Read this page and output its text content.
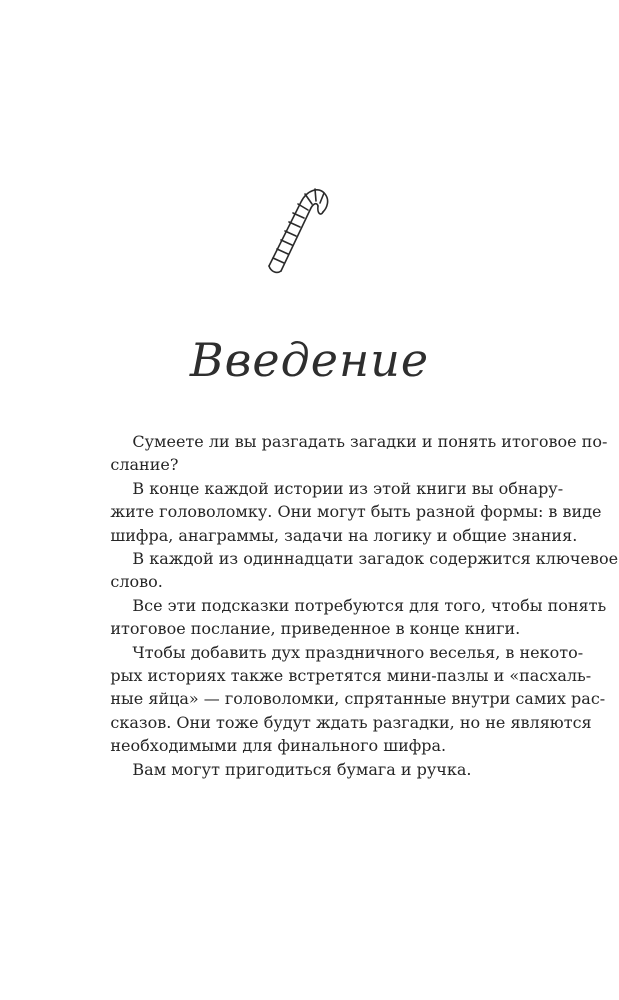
Введение

Сумеете ли вы разгадать загадки и понять итоговое по-
слание?

В конце каждой истории из этой книги вы обнару-
жите головоломку. Они могут быть разной формы: в виде
шифра, анаграммы, задачи на логику и общие знания.

В каждой из одиннадцати загадок содержится ключевое
слово.

Все эти подсказки потребуются для того, чтобы понять
итоговое послание, приведенное в конце книги.

Чтобы добавить дух праздничного веселья, в некото-
рых историях также встретятся мини-пазлы и «пасхаль-
ные яйца» — головоломки, спрятанные внутри самих рас-
сказов. Они тоже будут ждать разгадки, но не являются
необходимыми для финального шифра.

Вам могут пригодиться бумага и ручка.
